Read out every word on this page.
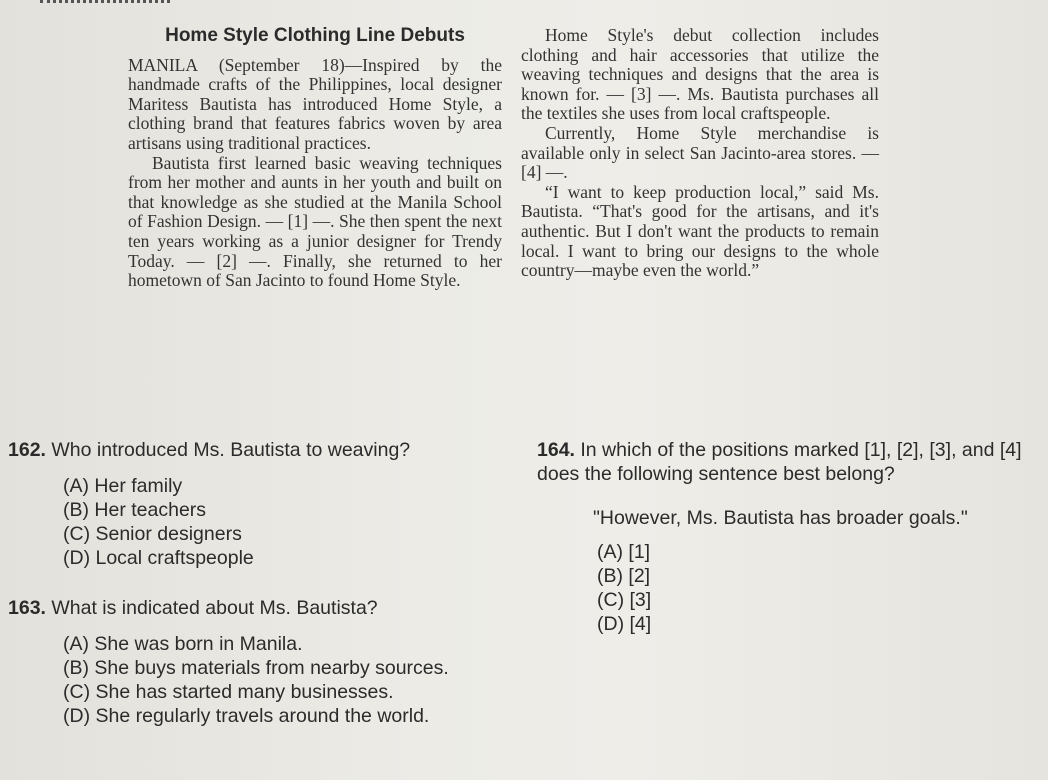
Home Style Clothing Line Debuts

MANILA (September 18)—Inspired by the handmade crafts of the Philippines, local designer Maritess Bautista has introduced Home Style, a clothing brand that features fabrics woven by area artisans using traditional practices.

Bautista first learned basic weaving techniques from her mother and aunts in her youth and built on that knowledge as she studied at the Manila School of Fashion Design. — [1] —. She then spent the next ten years working as a junior designer for Trendy Today. — [2] —. Finally, she returned to her hometown of San Jacinto to found Home Style.

Home Style's debut collection includes clothing and hair accessories that utilize the weaving techniques and designs that the area is known for. — [3] —. Ms. Bautista purchases all the textiles she uses from local craftspeople.

Currently, Home Style merchandise is available only in select San Jacinto-area stores. — [4] —.

“I want to keep production local,” said Ms. Bautista. “That's good for the artisans, and it's authentic. But I don't want the products to remain local. I want to bring our designs to the whole country—maybe even the world.”

162. Who introduced Ms. Bautista to weaving?

(A) Her family

(B) Her teachers

(C) Senior designers

(D) Local craftspeople

163. What is indicated about Ms. Bautista?

(A) She was born in Manila.

(B) She buys materials from nearby sources.

(C) She has started many businesses.

(D) She regularly travels around the world.

164. In which of the positions marked [1], [2], [3], and [4] does the following sentence best belong?

"However, Ms. Bautista has broader goals."

(A) [1]

(B) [2]

(C) [3]

(D) [4]
